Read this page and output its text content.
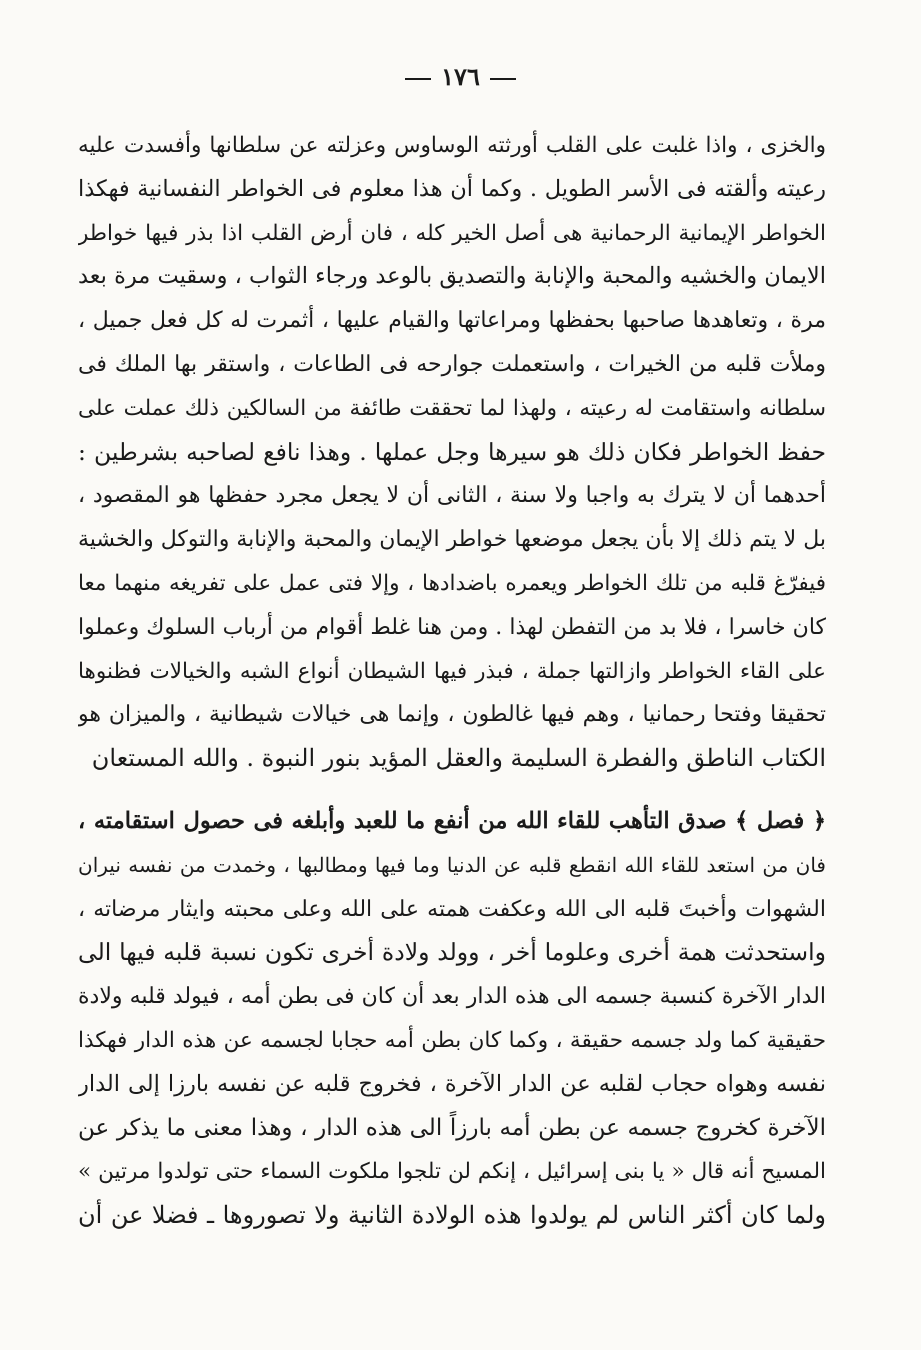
١٧٦
والخزى ، واذا غلبت على القلب أورثته الوساوس وعزلته عن سلطانها وأفسدت عليه
رعيته وألقته فى الأسر الطويل . وكما أن هذا معلوم فى الخواطر النفسانية فهكذا
الخواطر الإيمانية الرحمانية هى أصل الخير كله ، فان أرض القلب اذا بذر فيها خواطر
الايمان والخشيه والمحبة والإنابة والتصديق بالوعد ورجاء الثواب ، وسقيت مرة بعد
مرة ، وتعاهدها صاحبها بحفظها ومراعاتها والقيام عليها ، أثمرت له كل فعل جميل ،
وملأت قلبه من الخيرات ، واستعملت جوارحه فى الطاعات ، واستقر بها الملك فى
سلطانه واستقامت له رعيته ، ولهذا لما تحققت طائفة من السالكين ذلك عملت على
حفظ الخواطر فكان ذلك هو سيرها وجل عملها . وهذا نافع لصاحبه بشرطين :
أحدهما أن لا يترك به واجبا ولا سنة ، الثانى أن لا يجعل مجرد حفظها هو المقصود ،
بل لا يتم ذلك إلا بأن يجعل موضعها خواطر الإيمان والمحبة والإنابة والتوكل والخشية
فيفرّغ قلبه من تلك الخواطر ويعمره باضدادها ، وإلا فتى عمل على تفريغه منهما معا
كان خاسرا ، فلا بد من التفطن لهذا . ومن هنا غلط أقوام من أرباب السلوك وعملوا
على القاء الخواطر وازالتها جملة ، فبذر فيها الشيطان أنواع الشبه والخيالات فظنوها
تحقيقا وفتحا رحمانيا ، وهم فيها غالطون ، وإنما هى خيالات شيطانية ، والميزان هو
الكتاب الناطق والفطرة السليمة والعقل المؤيد بنور النبوة . والله المستعان
﴿ فصل ﴾ صدق التأهب للقاء الله من أنفع ما للعبد وأبلغه فى حصول استقامته ،
فان من استعد للقاء الله انقطع قلبه عن الدنيا وما فيها ومطالبها ، وخمدت من نفسه نيران
الشهوات وأخبتَ قلبه الى الله وعكفت همته على الله وعلى محبته وايثار مرضاته ،
واستحدثت همة أخرى وعلوما أخر ، وولد ولادة أخرى تكون نسبة قلبه فيها الى
الدار الآخرة كنسبة جسمه الى هذه الدار بعد أن كان فى بطن أمه ، فيولد قلبه ولادة
حقيقية كما ولد جسمه حقيقة ، وكما كان بطن أمه حجابا لجسمه عن هذه الدار فهكذا
نفسه وهواه حجاب لقلبه عن الدار الآخرة ، فخروج قلبه عن نفسه بارزا إلى الدار
الآخرة كخروج جسمه عن بطن أمه بارزاً الى هذه الدار ، وهذا معنى ما يذكر عن
المسيح أنه قال « يا بنى إسرائيل ، إنكم لن تلجوا ملكوت السماء حتى تولدوا مرتين »
ولما كان أكثر الناس لم يولدوا هذه الولادة الثانية ولا تصوروها ـ فضلا عن أن
